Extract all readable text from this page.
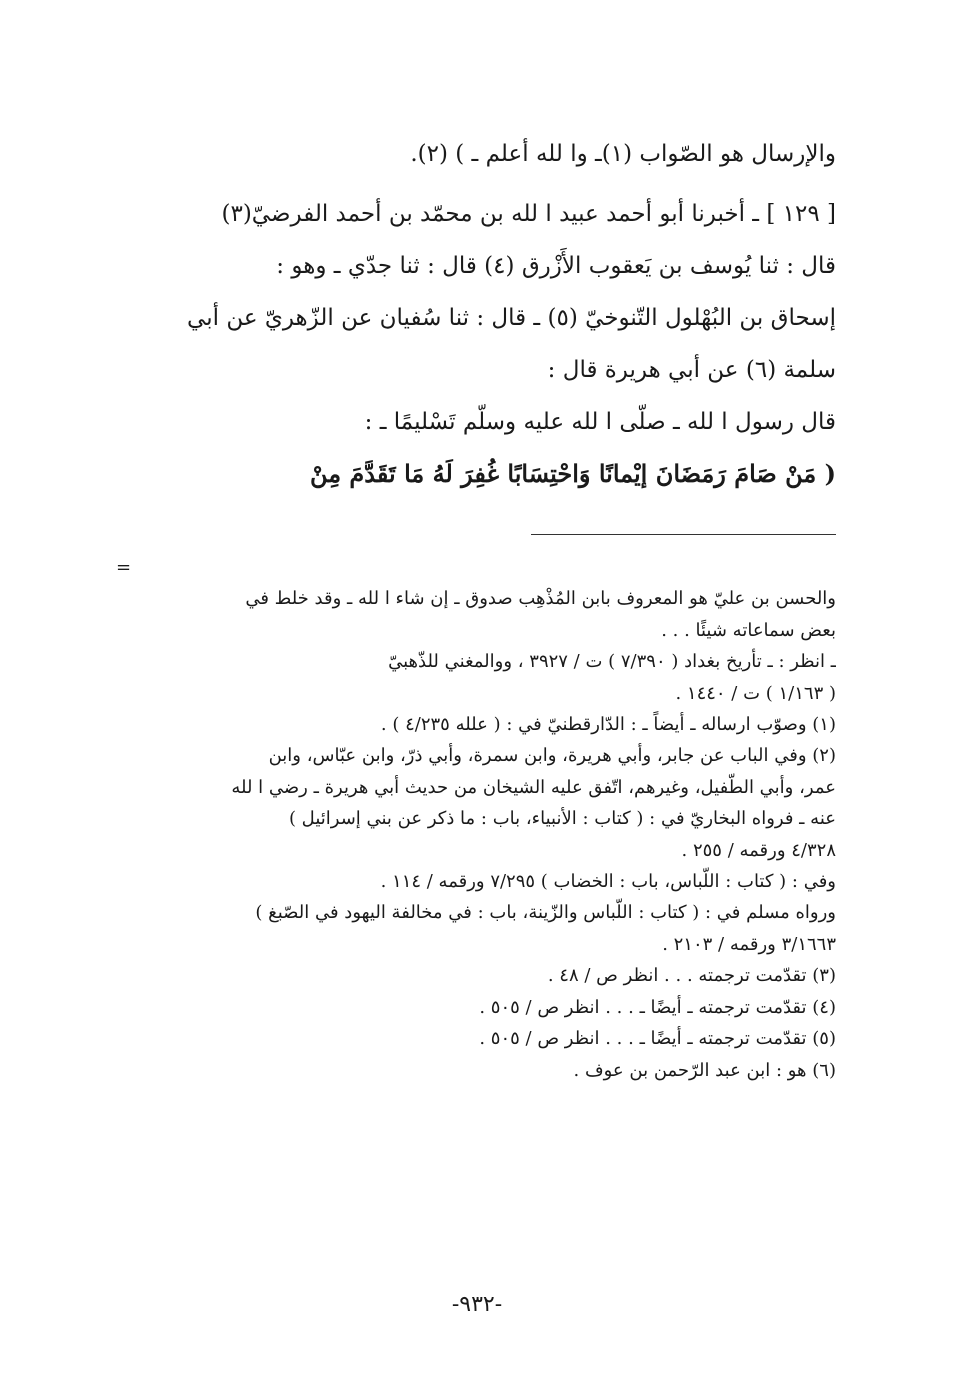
والإرسال هو الصّواب (١)ـ وا لله أعلم ـ ) (٢).
[ ١٢٩ ] ـ أخبرنا أبو أحمد عبيد ا لله بن محمّد بن أحمد الفرضيّ(٣)
قال : ثنا يُوسف بن يَعقوب الأَزْرق (٤) قال : ثنا جدّي ـ وهو :
إسحاق بن البُهْلول التّنوخيّ (٥) ـ قال : ثنا سُفيان عن الزّهريّ عن أبي
سلمة (٦) عن أبي هريرة قال :
قال رسول ا لله ـ صلّى ا لله عليه وسلّم تَسْليمًا ـ :
( مَنْ صَامَ رَمَضَانَ إيْمانًا وَاحْتِسَابًا غُفِرَ لَهُ مَا تَقَدَّمَ مِنْ
=
والحسن بن عليّ هو المعروف بابن المُذْهِب صدوق ـ إن شاء ا لله ـ وقد خلط في
بعض سماعاته شيئًا . . .
ـ انظر : ـ تأريخ بغداد ( ٧/٣٩٠ ) ت / ٣٩٢٧ ، ووالمغني للذّهبيّ
( ١/١٦٣ ) ت / ١٤٤٠ .
(١) وصوّب ارساله ـ أيضاً ـ : الدّارقطنيّ في : ( علله ٤/٢٣٥ ) .
(٢) وفي الباب عن جابر، وأبي هريرة، وابن سمرة، وأبي ذرّ، وابن عبّاس، وابن
عمر، وأبي الطّفيل، وغيرهم، اتّفق عليه الشيخان من حديث أبي هريرة ـ رضي ا لله
عنه ـ فرواه البخاريّ في : ( كتاب : الأنبياء، باب : ما ذكر عن بني إسرائيل )
٤/٣٢٨ ورقمه / ٢٥٥ .
وفي : ( كتاب : اللّباس، باب : الخضاب ) ٧/٢٩٥ ورقمه / ١١٤ .
ورواه مسلم في : ( كتاب : اللّباس والزّينة، باب : في مخالفة اليهود في الصّبغ )
٣/١٦٦٣ ورقمه / ٢١٠٣ .
(٣) تقدّمت ترجمته . . . انظر ص / ٤٨ .
(٤) تقدّمت ترجمته ـ أيضًا ـ . . . انظر ص / ٥٠٥ .
(٥) تقدّمت ترجمته ـ أيضًا ـ . . . انظر ص / ٥٠٥ .
(٦) هو : ابن عبد الرّحمن بن عوف .
-٩٣٢-
